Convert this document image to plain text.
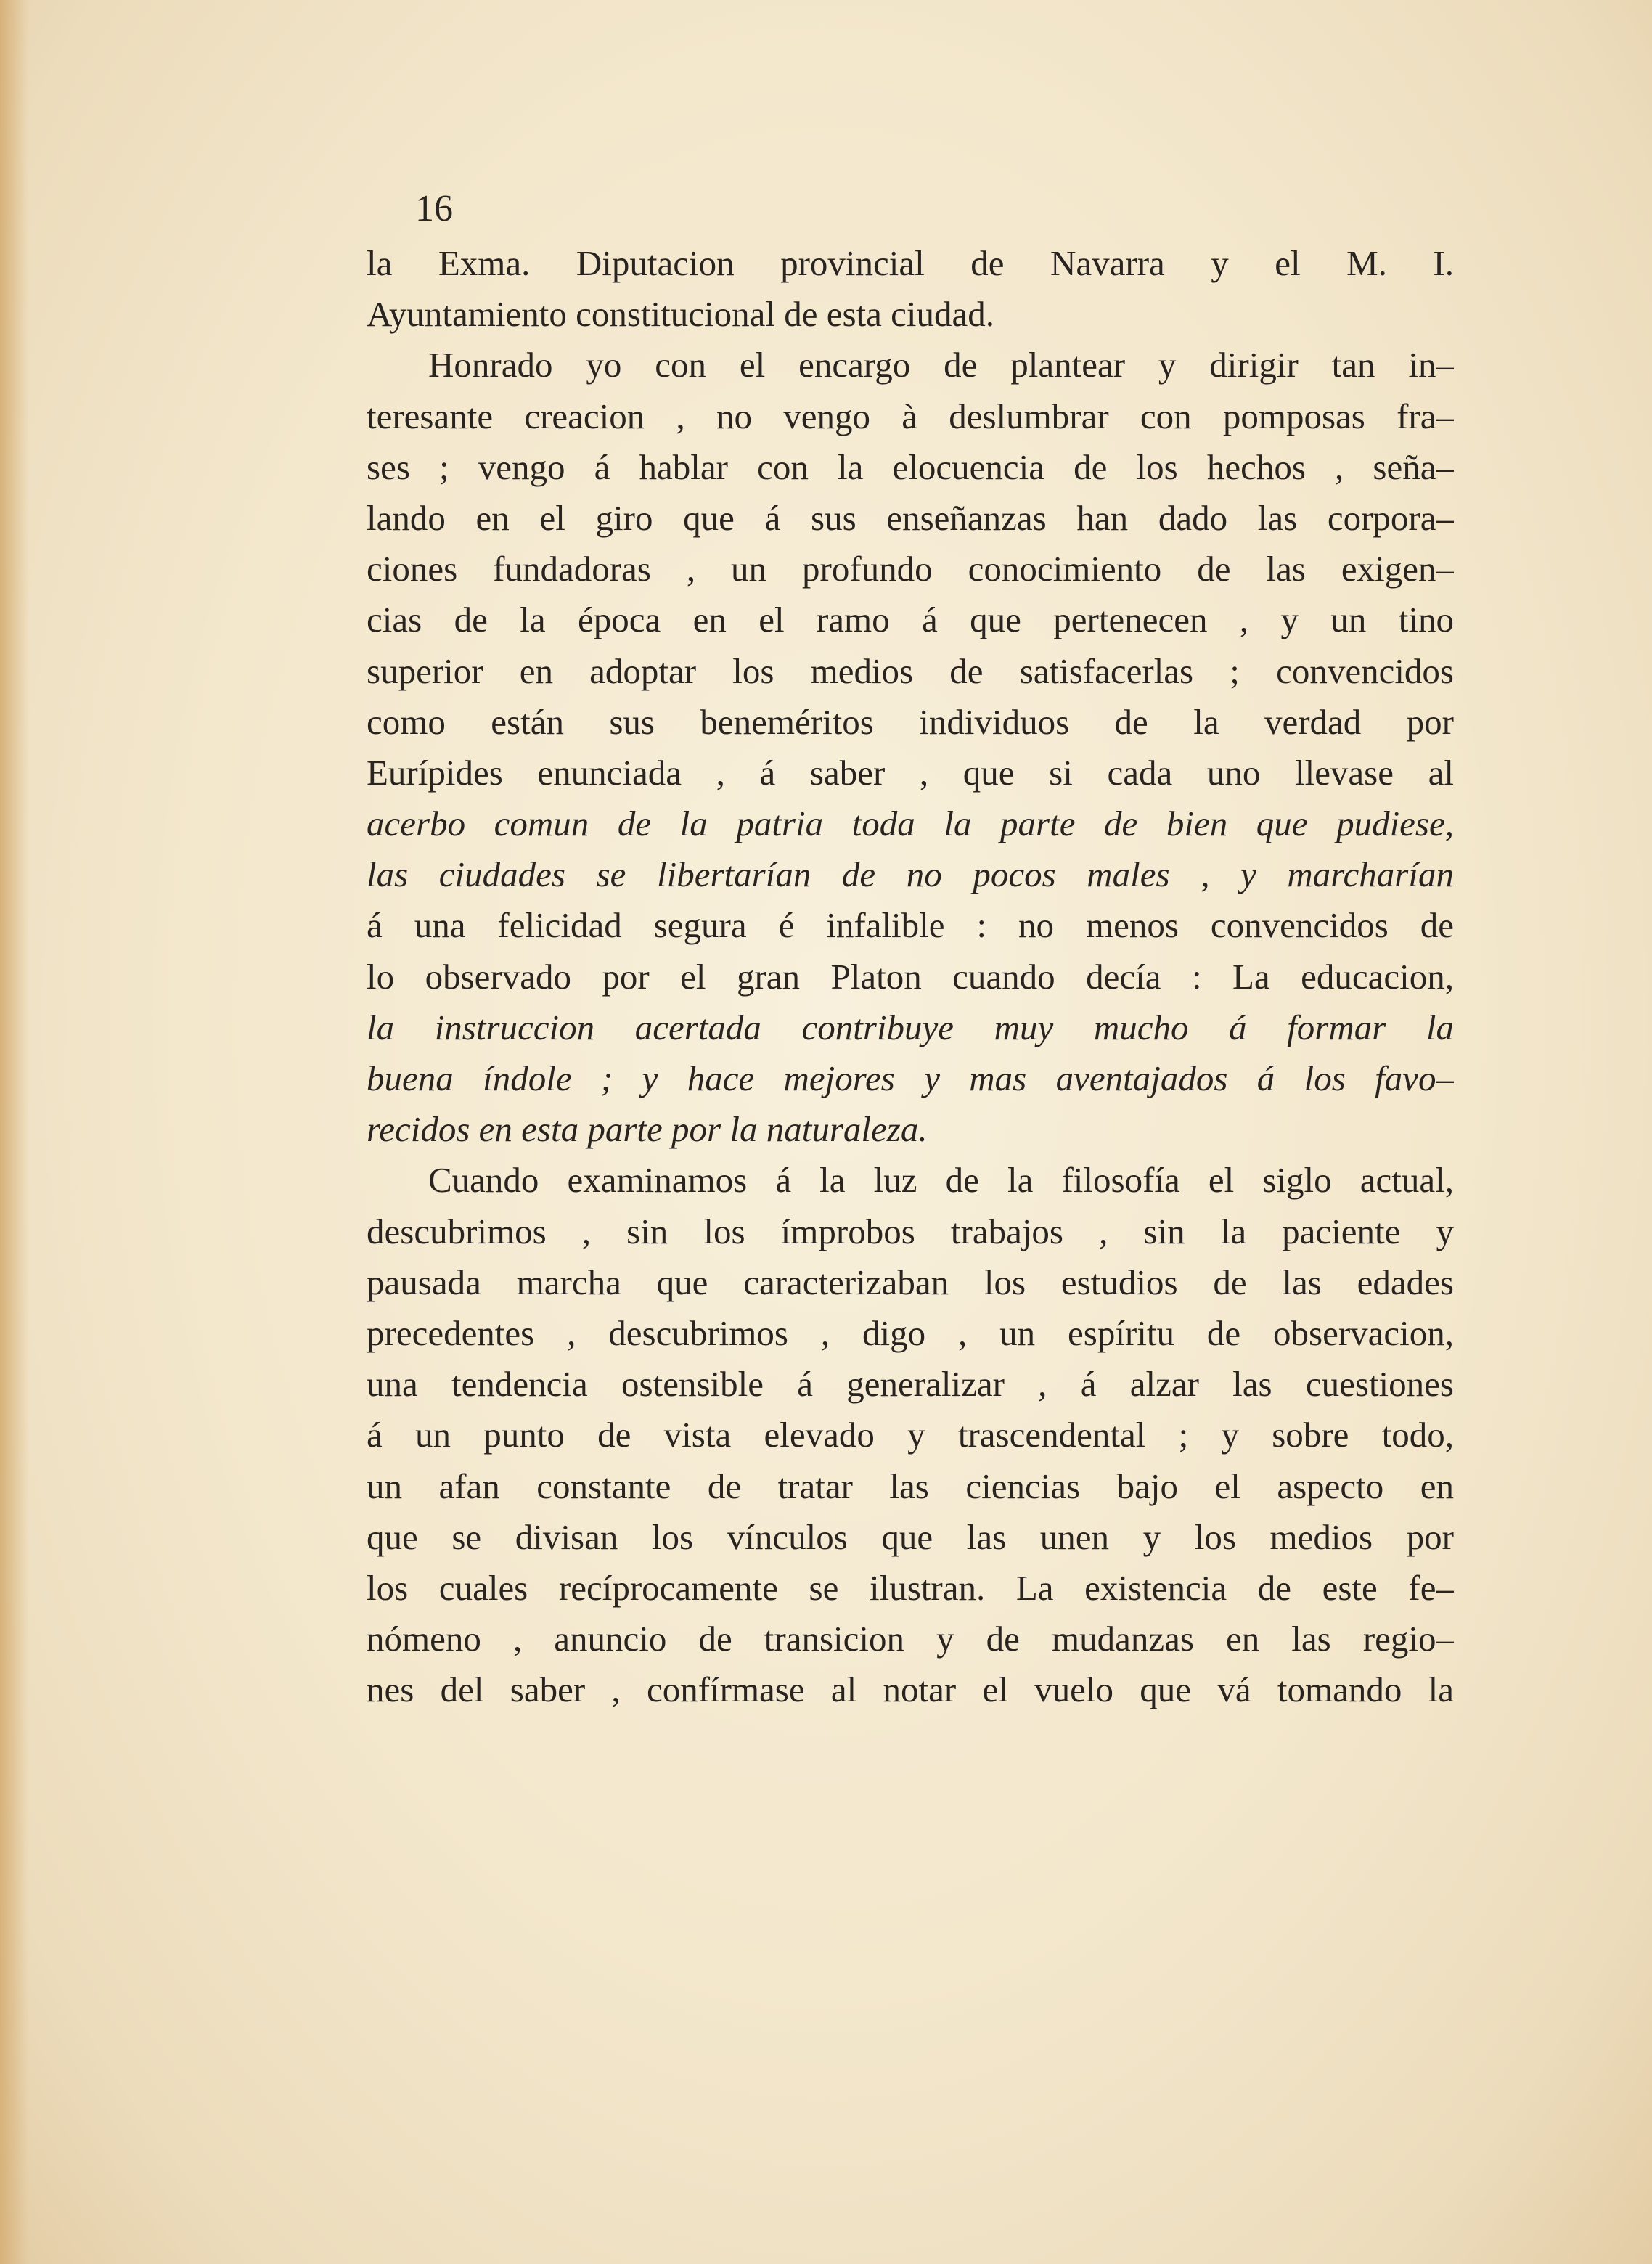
16
la Exma. Diputacion provincial de Navarra y el M. I.
Ayuntamiento constitucional de esta ciudad.
Honrado yo con el encargo de plantear y dirigir tan in–
teresante creacion , no vengo à deslumbrar con pomposas fra–
ses ; vengo á hablar con la elocuencia de los hechos , seña–
lando en el giro que á sus enseñanzas han dado las corpora–
ciones fundadoras , un profundo conocimiento de las exigen–
cias de la época en el ramo á que pertenecen , y un tino
superior en adoptar los medios de satisfacerlas ; convencidos
como están sus beneméritos individuos de la verdad por
Eurípides enunciada , á saber , que si cada uno llevase al
acerbo comun de la patria toda la parte de bien que pudiese,
las ciudades se libertarían de no pocos males , y marcharían
á una felicidad segura é infalible : no menos convencidos de
lo observado por el gran Platon cuando decía : La educacion,
la instruccion acertada contribuye muy mucho á formar la
buena índole ; y hace mejores y mas aventajados á los favo–
recidos en esta parte por la naturaleza.
Cuando examinamos á la luz de la filosofía el siglo actual,
descubrimos , sin los ímprobos trabajos , sin la paciente y
pausada marcha que caracterizaban los estudios de las edades
precedentes , descubrimos , digo , un espíritu de observacion,
una tendencia ostensible á generalizar , á alzar las cuestiones
á un punto de vista elevado y trascendental ; y sobre todo,
un afan constante de tratar las ciencias bajo el aspecto en
que se divisan los vínculos que las unen y los medios por
los cuales recíprocamente se ilustran. La existencia de este fe–
nómeno , anuncio de transicion y de mudanzas en las regio–
nes del saber , confírmase al notar el vuelo que vá tomando la
